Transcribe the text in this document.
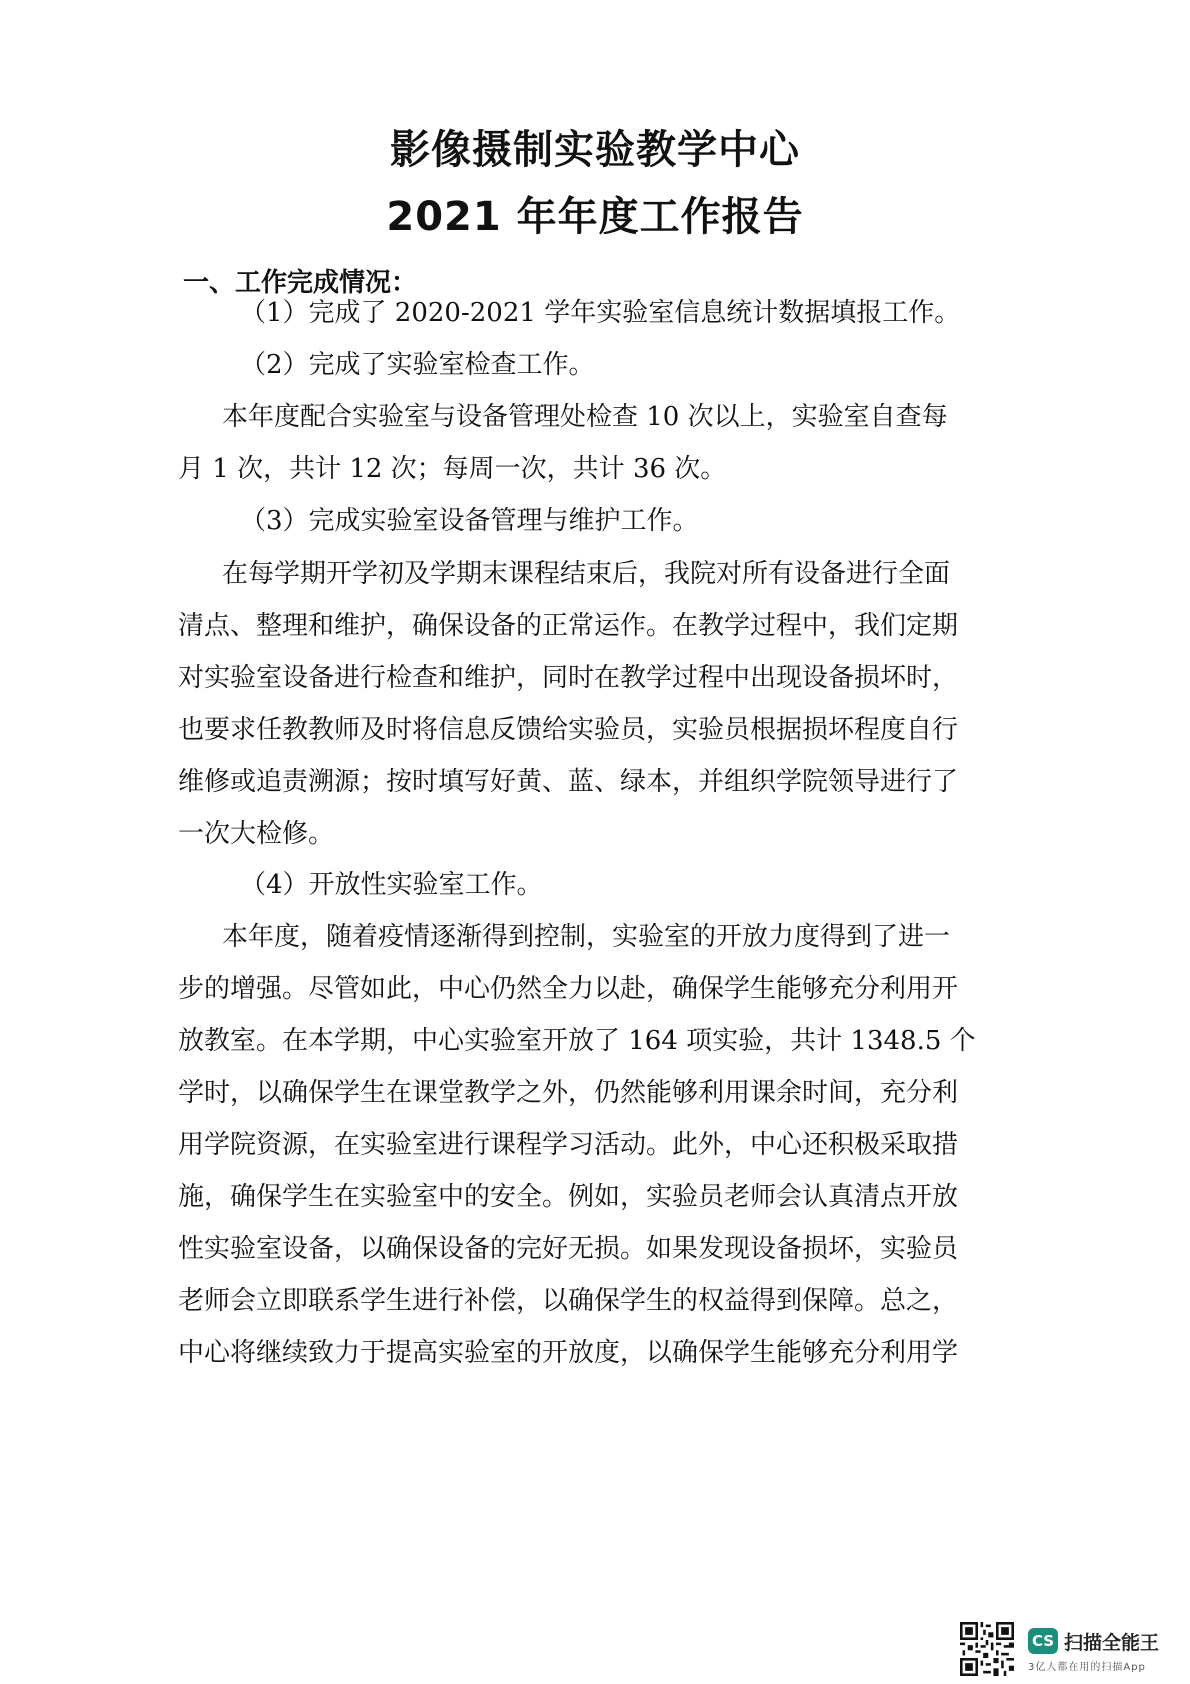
影像摄制实验教学中心
2021 年年度工作报告
一、工作完成情况：
（1）完成了 2020-2021 学年实验室信息统计数据填报工作。
（2）完成了实验室检查工作。
本年度配合实验室与设备管理处检查 10 次以上，实验室自查每
月 1 次，共计 12 次；每周一次，共计 36 次。
（3）完成实验室设备管理与维护工作。
在每学期开学初及学期末课程结束后，我院对所有设备进行全面
清点、整理和维护，确保设备的正常运作。在教学过程中，我们定期
对实验室设备进行检查和维护，同时在教学过程中出现设备损坏时，
也要求任教教师及时将信息反馈给实验员，实验员根据损坏程度自行
维修或追责溯源；按时填写好黄、蓝、绿本，并组织学院领导进行了
一次大检修。
（4）开放性实验室工作。
本年度，随着疫情逐渐得到控制，实验室的开放力度得到了进一
步的增强。尽管如此，中心仍然全力以赴，确保学生能够充分利用开
放教室。在本学期，中心实验室开放了 164 项实验，共计 1348.5 个
学时，以确保学生在课堂教学之外，仍然能够利用课余时间，充分利
用学院资源，在实验室进行课程学习活动。此外，中心还积极采取措
施，确保学生在实验室中的安全。例如，实验员老师会认真清点开放
性实验室设备，以确保设备的完好无损。如果发现设备损坏，实验员
老师会立即联系学生进行补偿，以确保学生的权益得到保障。总之，
中心将继续致力于提高实验室的开放度，以确保学生能够充分利用学
CS 扫描全能王
3亿人都在用的扫描App
